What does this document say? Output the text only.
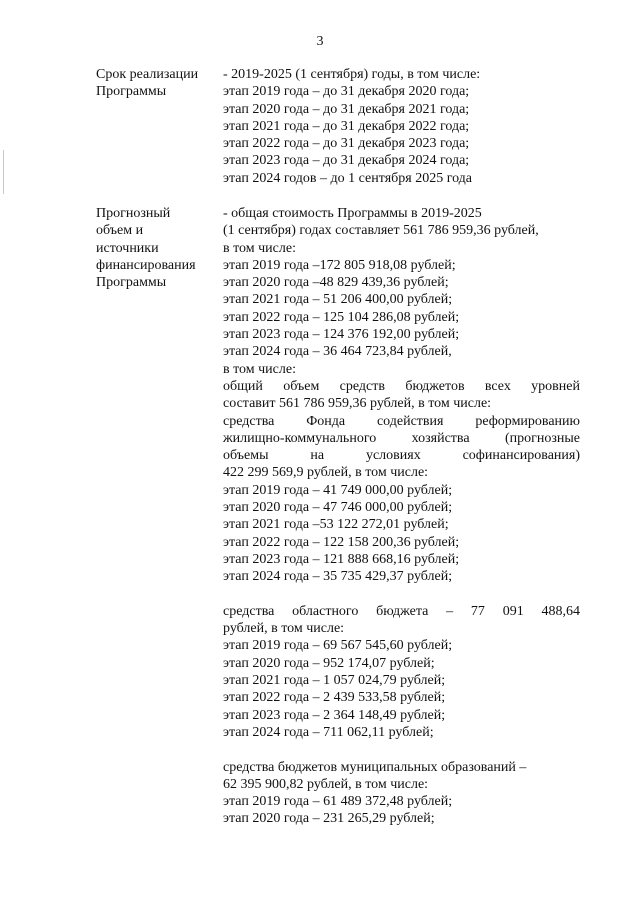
3
Срок реализации
Программы
- 2019-2025 (1 сентября) годы, в том числе:
этап 2019 года – до 31 декабря 2020 года;
этап 2020 года – до 31 декабря 2021 года;
этап 2021 года – до 31 декабря 2022 года;
этап 2022 года – до 31 декабря 2023 года;
этап 2023 года – до 31 декабря 2024 года;
этап 2024 годов – до 1 сентября 2025 года
Прогнозный
объем и
источники
финансирования
Программы
- общая стоимость Программы в 2019-2025
(1 сентября) годах составляет 561 786 959,36 рублей,
в том числе:
этап 2019 года –172 805 918,08 рублей;
этап 2020 года –48 829 439,36 рублей;
этап 2021 года – 51 206 400,00 рублей;
этап 2022 года – 125 104 286,08 рублей;
этап 2023 года – 124 376 192,00 рублей;
этап 2024 года – 36 464 723,84 рублей,
в том числе:
общий объем средств бюджетов всех уровней
составит 561 786 959,36 рублей, в том числе:
средства Фонда содействия реформированию
жилищно-коммунального хозяйства (прогнозные
объемы на условиях софинансирования)
422 299 569,9 рублей, в том числе:
этап 2019 года – 41 749 000,00 рублей;
этап 2020 года – 47 746 000,00 рублей;
этап 2021 года –53 122 272,01 рублей;
этап 2022 года – 122 158 200,36 рублей;
этап 2023 года – 121 888 668,16 рублей;
этап 2024 года – 35 735 429,37 рублей;
средства областного бюджета – 77 091 488,64
рублей, в том числе:
этап 2019 года – 69 567 545,60 рублей;
этап 2020 года – 952 174,07 рублей;
этап 2021 года – 1 057 024,79 рублей;
этап 2022 года – 2 439 533,58 рублей;
этап 2023 года – 2 364 148,49 рублей;
этап 2024 года – 711 062,11 рублей;
средства бюджетов муниципальных образований –
62 395 900,82 рублей, в том числе:
этап 2019 года – 61 489 372,48 рублей;
этап 2020 года – 231 265,29 рублей;
